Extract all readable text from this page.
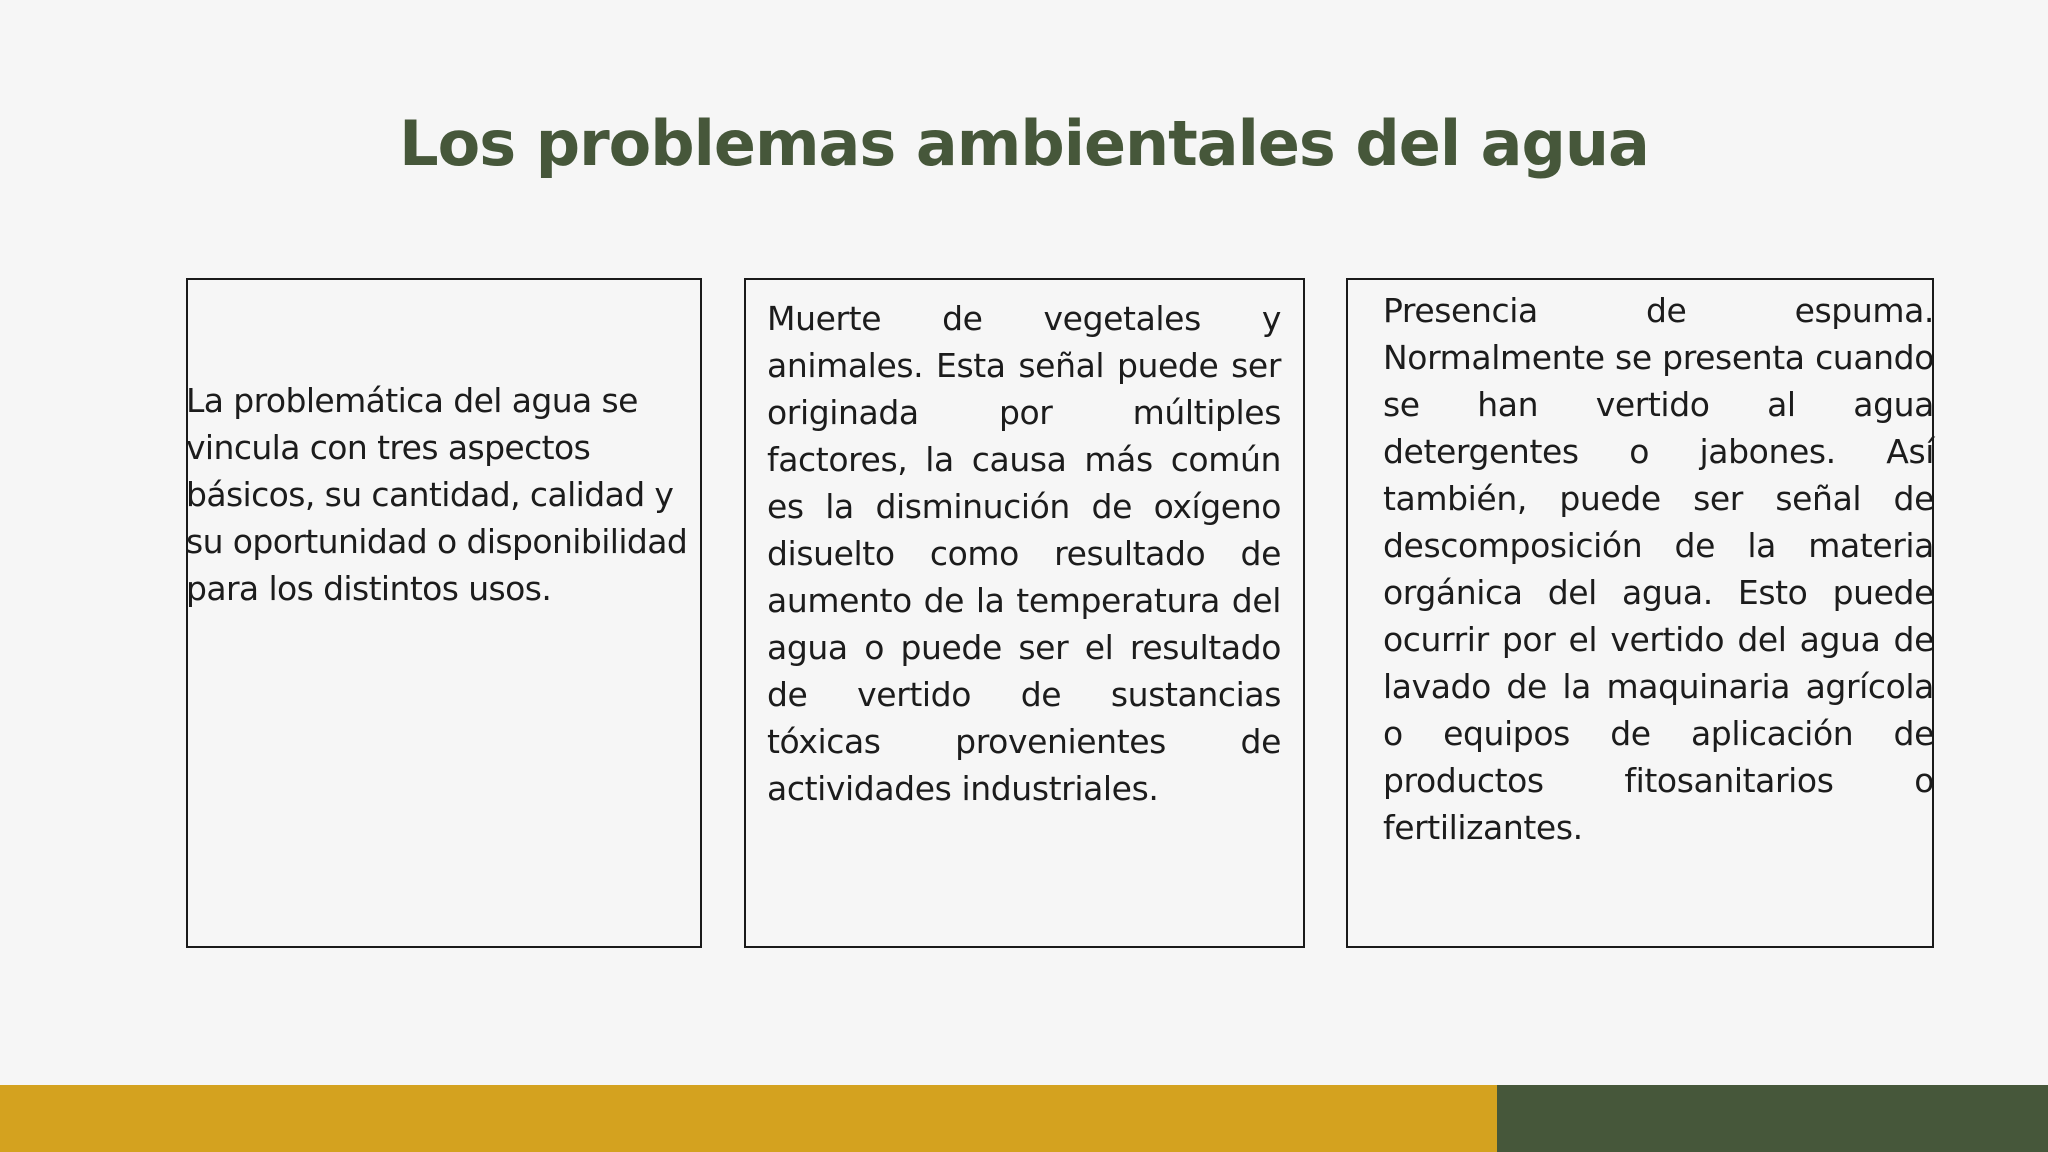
Los problemas ambientales del agua
La problemática del agua se vincula con tres aspectos básicos, su cantidad, calidad y su oportunidad o disponibilidad para los distintos usos.
Muerte de vegetales y animales. Esta señal puede ser originada por múltiples factores, la causa más común es la disminución de oxígeno disuelto como resultado de aumento de la temperatura del agua o puede ser el resultado de vertido de sustancias tóxicas provenientes de actividades industriales.
Presencia de espuma. Normalmente se presenta cuando se han vertido al agua detergentes o jabones. Así también, puede ser señal de descomposición de la materia orgánica del agua. Esto puede ocurrir por el vertido del agua de lavado de la maquinaria agrícola o equipos de aplicación de productos fitosanitarios o fertilizantes.
